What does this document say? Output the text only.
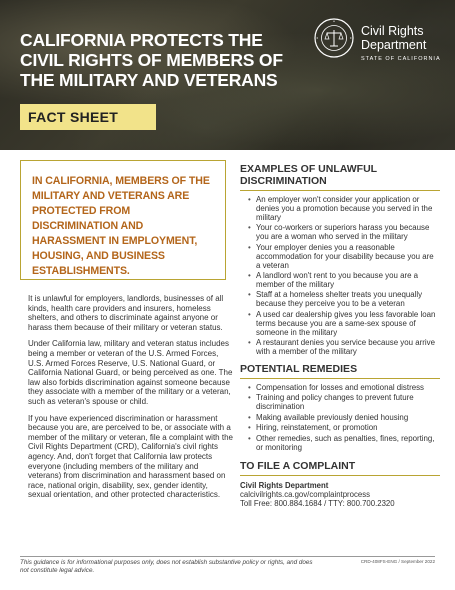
CALIFORNIA PROTECTS THE
CIVIL RIGHTS OF MEMBERS OF
THE MILITARY AND VETERANS
FACT SHEET
Civil Rights
Department
STATE OF CALIFORNIA

IN CALIFORNIA, MEMBERS OF THE MILITARY AND VETERANS ARE PROTECTED FROM DISCRIMINATION AND HARASSMENT IN EMPLOYMENT, HOUSING, AND BUSINESS ESTABLISHMENTS.

It is unlawful for employers, landlords, businesses of all kinds, health care providers and insurers, homeless shelters, and others to discriminate against anyone or harass them because of their military or veteran status.

Under California law, military and veteran status includes being a member or veteran of the U.S. Armed Forces, U.S. Armed Forces Reserve, U.S. National Guard, or California National Guard, or being perceived as one. The law also forbids discrimination against someone because they associate with a member of the military or a veteran, such as veteran's spouse or child.

If you have experienced discrimination or harassment because you are, are perceived to be, or associate with a member of the military or veteran, file a complaint with the Civil Rights Department (CRD), California's civil rights agency. And, don't forget that California law protects everyone (including members of the military and veterans) from discrimination and harassment based on race, national origin, disability, sex, gender identity, sexual orientation, and other protected characteristics.

EXAMPLES OF UNLAWFUL DISCRIMINATION
• An employer won't consider your application or denies you a promotion because you served in the military
• Your co-workers or superiors harass you because you are a woman who served in the military
• Your employer denies you a reasonable accommodation for your disability because you are a veteran
• A landlord won't rent to you because you are a member of the military
• Staff at a homeless shelter treats you unequally because they perceive you to be a veteran
• A used car dealership gives you less favorable loan terms because you are a same-sex spouse of someone in the military
• A restaurant denies you service because you arrive with a member of the military
POTENTIAL REMEDIES
• Compensation for losses and emotional distress
• Training and policy changes to prevent future discrimination
• Making available previously denied housing
• Hiring, reinstatement, or promotion
• Other remedies, such as penalties, fines, reporting, or monitoring
TO FILE A COMPLAINT
Civil Rights Department
calcivilrights.ca.gov/complaintprocess
Toll Free: 800.884.1684 / TTY: 800.700.2320
This guidance is for informational purposes only, does not establish substantive policy or rights, and does not constitute legal advice.
CRD-408FS-ENG / September 2022
